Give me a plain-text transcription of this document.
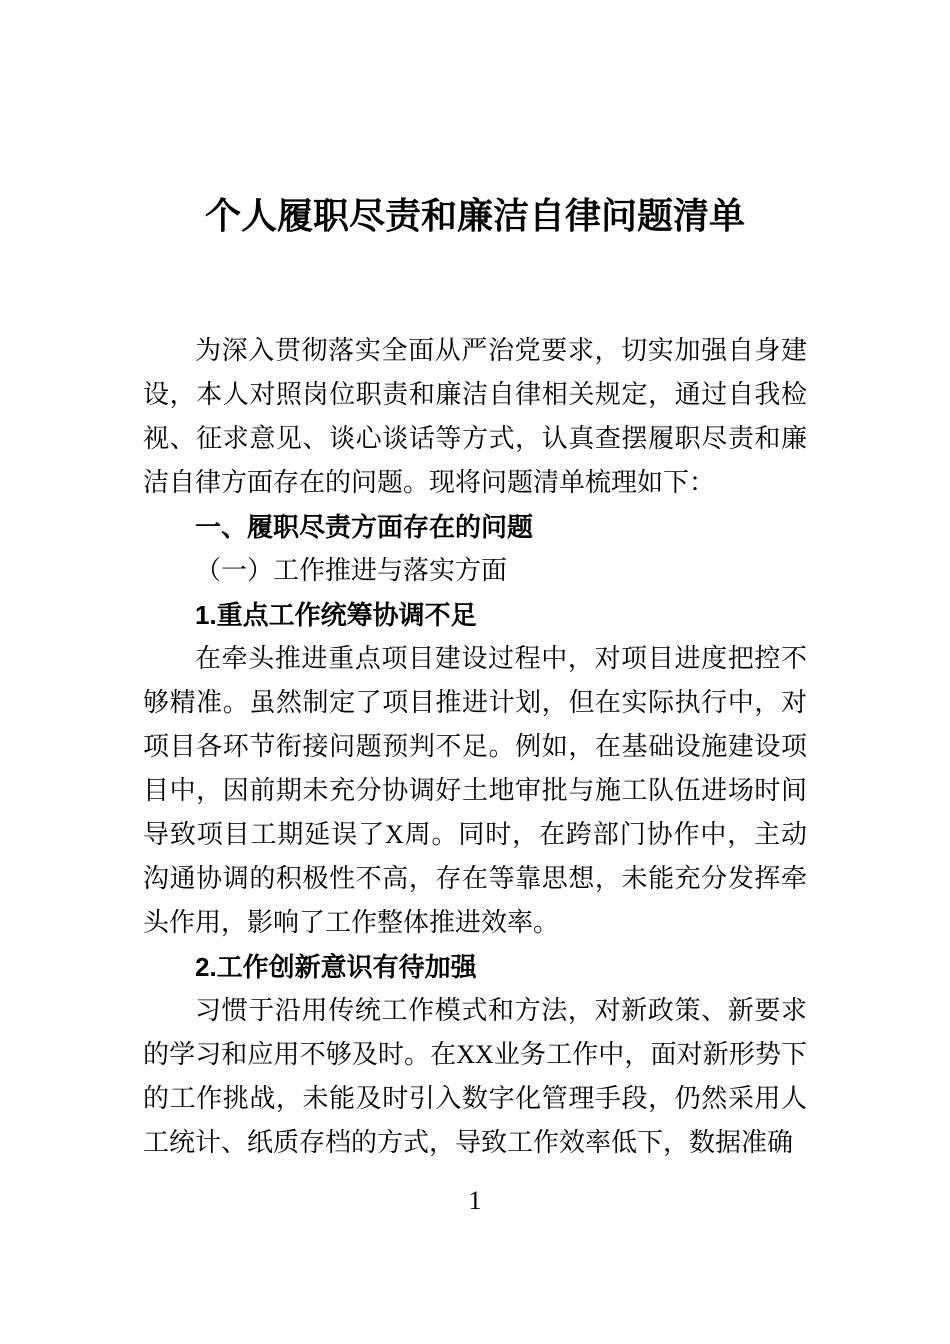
个人履职尽责和廉洁自律问题清单

为深入贯彻落实全面从严治党要求，切实加强自身建设，本人对照岗位职责和廉洁自律相关规定，通过自我检视、征求意见、谈心谈话等方式，认真查摆履职尽责和廉洁自律方面存在的问题。现将问题清单梳理如下：

一、履职尽责方面存在的问题
（一）工作推进与落实方面
1.重点工作统筹协调不足

在牵头推进重点项目建设过程中，对项目进度把控不够精准。虽然制定了项目推进计划，但在实际执行中，对项目各环节衔接问题预判不足。例如，在基础设施建设项目中，因前期未充分协调好土地审批与施工队伍进场时间导致项目工期延误了X周。同时，在跨部门协作中，主动沟通协调的积极性不高，存在等靠思想，未能充分发挥牵头作用，影响了工作整体推进效率。

2.工作创新意识有待加强

习惯于沿用传统工作模式和方法，对新政策、新要求的学习和应用不够及时。在XX业务工作中，面对新形势下的工作挑战，未能及时引入数字化管理手段，仍然采用人工统计、纸质存档的方式，导致工作效率低下，数据准确

1
